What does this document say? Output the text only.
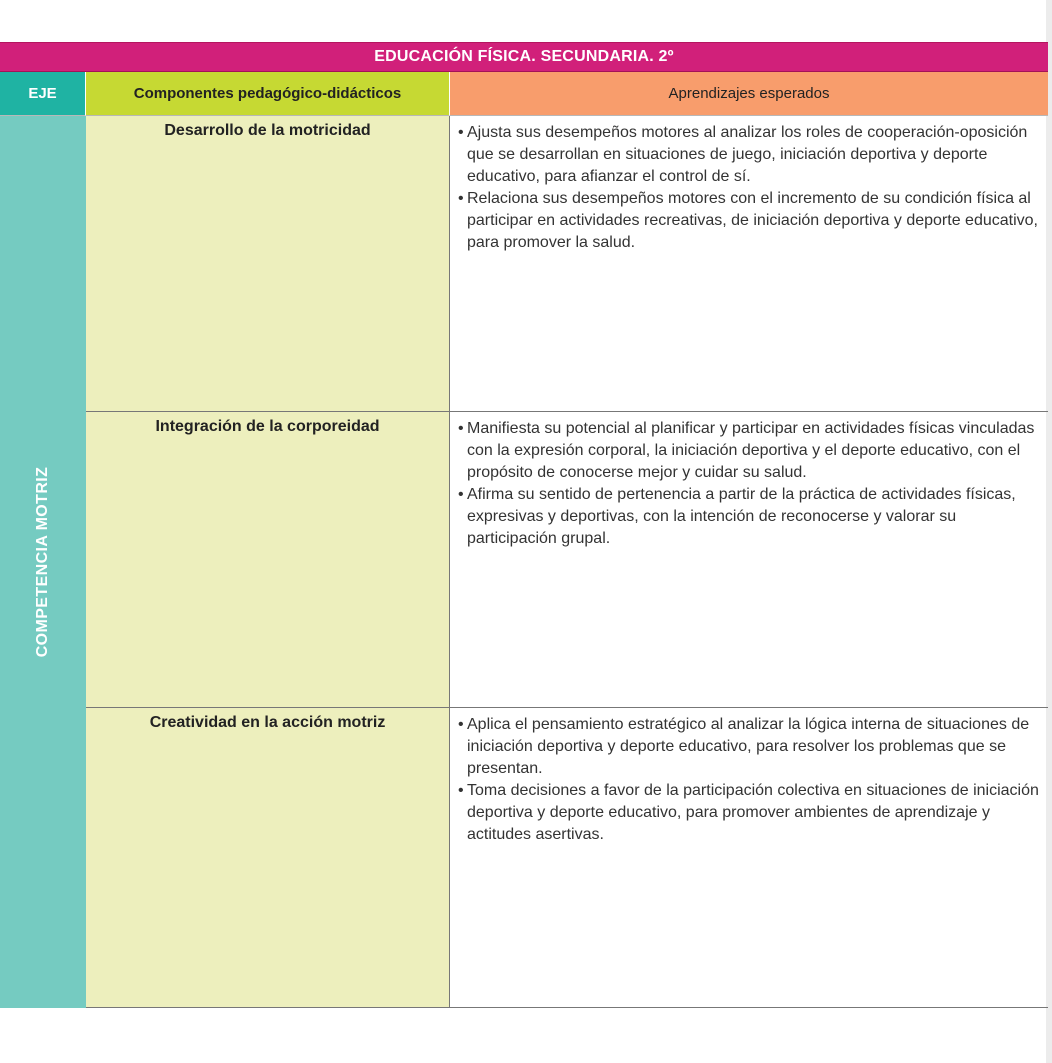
EDUCACIÓN FÍSICA. SECUNDARIA. 2º
EJE	Componentes pedagógico-didácticos	Aprendizajes esperados
COMPETENCIA MOTRIZ
Desarrollo de la motricidad	• Ajusta sus desempeños motores al analizar los roles de cooperación-oposición que se desarrollan en situaciones de juego, iniciación deportiva y deporte educativo, para afianzar el control de sí.
• Relaciona sus desempeños motores con el incremento de su condición física al participar en actividades recreativas, de iniciación deportiva y deporte educativo, para promover la salud.
Integración de la corporeidad	• Manifiesta su potencial al planificar y participar en actividades físicas vinculadas con la expresión corporal, la iniciación deportiva y el deporte educativo, con el propósito de conocerse mejor y cuidar su salud.
• Afirma su sentido de pertenencia a partir de la práctica de actividades físicas, expresivas y deportivas, con la intención de reconocerse y valorar su participación grupal.
Creatividad en la acción motriz	• Aplica el pensamiento estratégico al analizar la lógica interna de situaciones de iniciación deportiva y deporte educativo, para resolver los problemas que se presentan.
• Toma decisiones a favor de la participación colectiva en situaciones de iniciación deportiva y deporte educativo, para promover ambientes de aprendizaje y actitudes asertivas.
